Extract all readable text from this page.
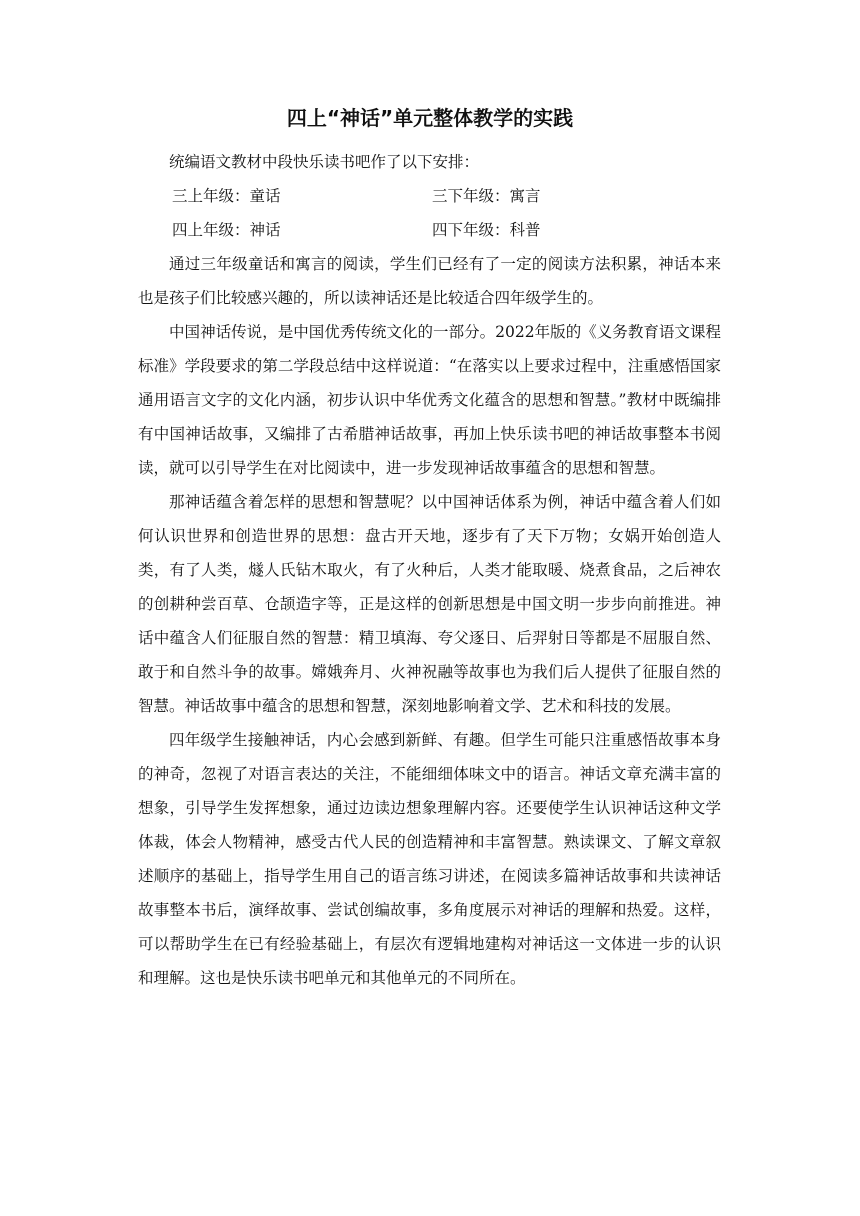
四上“神话”单元整体教学的实践

统编语文教材中段快乐读书吧作了以下安排：

三上年级：童话	三下年级：寓言
四上年级：神话	四下年级：科普

通过三年级童话和寓言的阅读，学生们已经有了一定的阅读方法积累，神话本来也是孩子们比较感兴趣的，所以读神话还是比较适合四年级学生的。

中国神话传说，是中国优秀传统文化的一部分。2022年版的《义务教育语文课程标准》学段要求的第二学段总结中这样说道：“在落实以上要求过程中，注重感悟国家通用语言文字的文化内涵，初步认识中华优秀文化蕴含的思想和智慧。”教材中既编排有中国神话故事，又编排了古希腊神话故事，再加上快乐读书吧的神话故事整本书阅读，就可以引导学生在对比阅读中，进一步发现神话故事蕴含的思想和智慧。

那神话蕴含着怎样的思想和智慧呢？以中国神话体系为例，神话中蕴含着人们如何认识世界和创造世界的思想：盘古开天地，逐步有了天下万物；女娲开始创造人类，有了人类，燧人氏钻木取火，有了火种后，人类才能取暖、烧煮食品，之后神农的创耕种尝百草、仓颉造字等，正是这样的创新思想是中国文明一步步向前推进。神话中蕴含人们征服自然的智慧：精卫填海、夸父逐日、后羿射日等都是不屈服自然、敢于和自然斗争的故事。嫦娥奔月、火神祝融等故事也为我们后人提供了征服自然的智慧。神话故事中蕴含的思想和智慧，深刻地影响着文学、艺术和科技的发展。

四年级学生接触神话，内心会感到新鲜、有趣。但学生可能只注重感悟故事本身的神奇，忽视了对语言表达的关注，不能细细体味文中的语言。神话文章充满丰富的想象，引导学生发挥想象，通过边读边想象理解内容。还要使学生认识神话这种文学体裁，体会人物精神，感受古代人民的创造精神和丰富智慧。熟读课文、了解文章叙述顺序的基础上，指导学生用自己的语言练习讲述，在阅读多篇神话故事和共读神话故事整本书后，演绎故事、尝试创编故事，多角度展示对神话的理解和热爱。这样，可以帮助学生在已有经验基础上，有层次有逻辑地建构对神话这一文体进一步的认识和理解。这也是快乐读书吧单元和其他单元的不同所在。
